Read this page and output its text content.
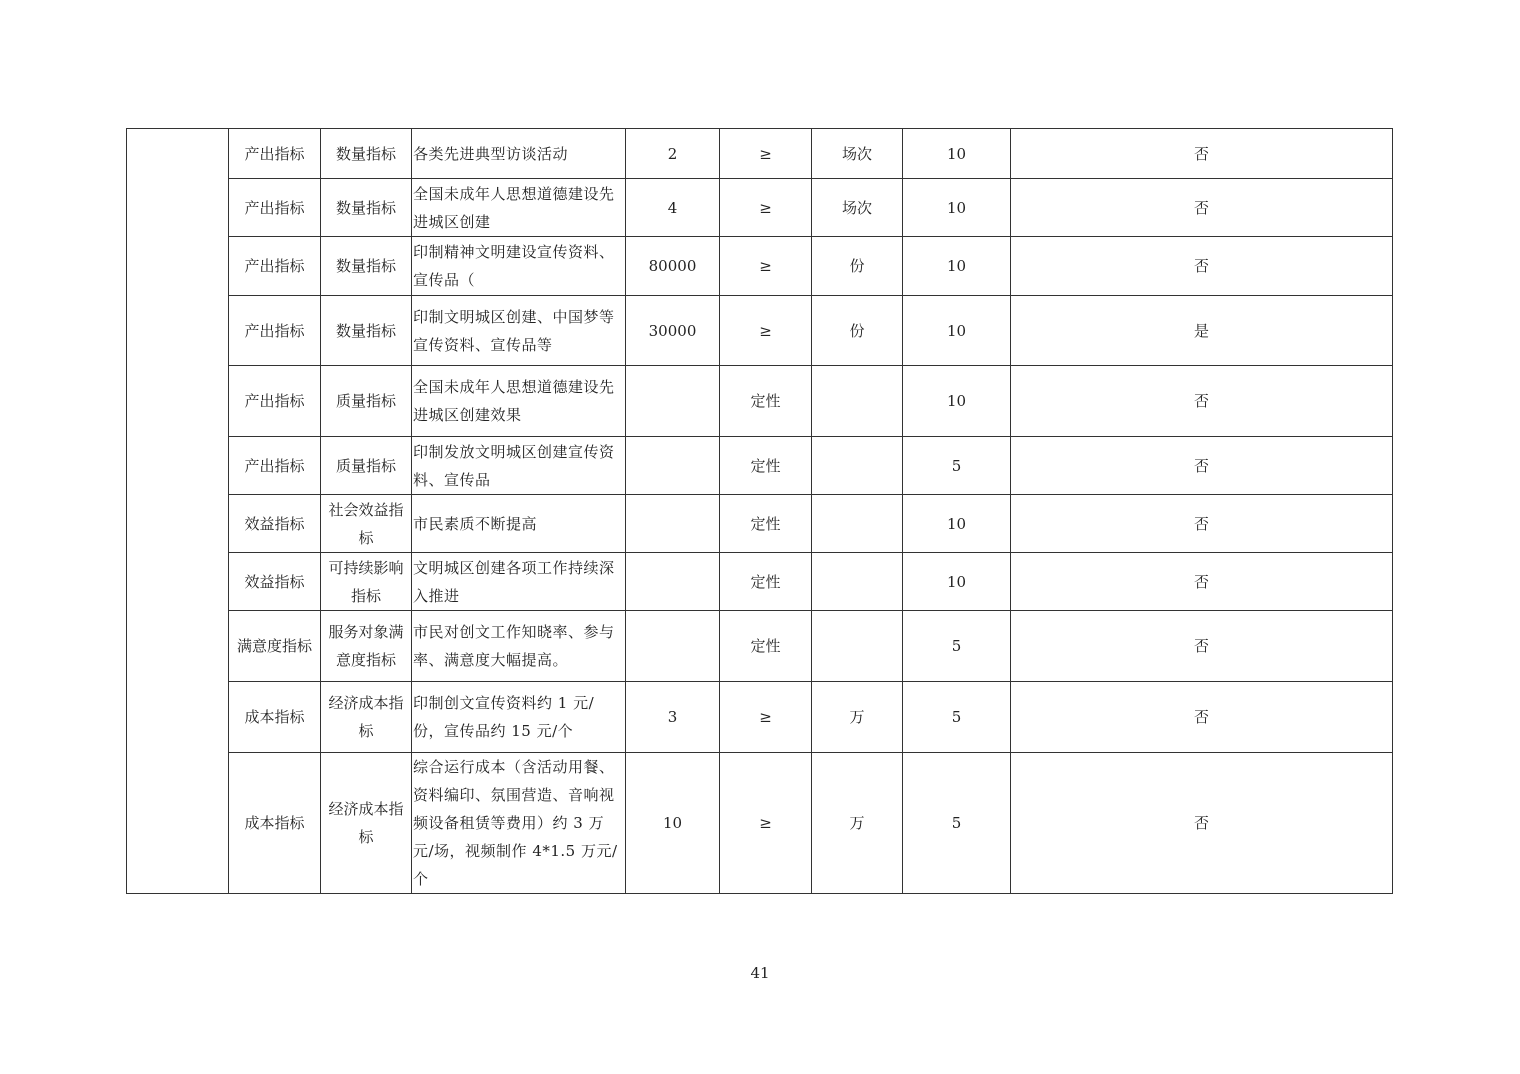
	产出指标	数量指标	各类先进典型访谈活动	2	≥	场次	10	否
	产出指标	数量指标	全国未成年人思想道德建设先进城区创建	4	≥	场次	10	否
	产出指标	数量指标	印制精神文明建设宣传资料、宣传品（	80000	≥	份	10	否
	产出指标	数量指标	印制文明城区创建、中国梦等宣传资料、宣传品等	30000	≥	份	10	是
	产出指标	质量指标	全国未成年人思想道德建设先进城区创建效果		定性		10	否
	产出指标	质量指标	印制发放文明城区创建宣传资料、宣传品		定性		5	否
	效益指标	社会效益指标	市民素质不断提高		定性		10	否
	效益指标	可持续影响指标	文明城区创建各项工作持续深入推进		定性		10	否
	满意度指标	服务对象满意度指标	市民对创文工作知晓率、参与率、满意度大幅提高。		定性		5	否
	成本指标	经济成本指标	印制创文宣传资料约 1 元/份，宣传品约 15 元/个	3	≥	万	5	否
	成本指标	经济成本指标	综合运行成本（含活动用餐、资料编印、氛围营造、音响视频设备租赁等费用）约 3 万元/场，视频制作 4*1.5 万元/个	10	≥	万	5	否
41
